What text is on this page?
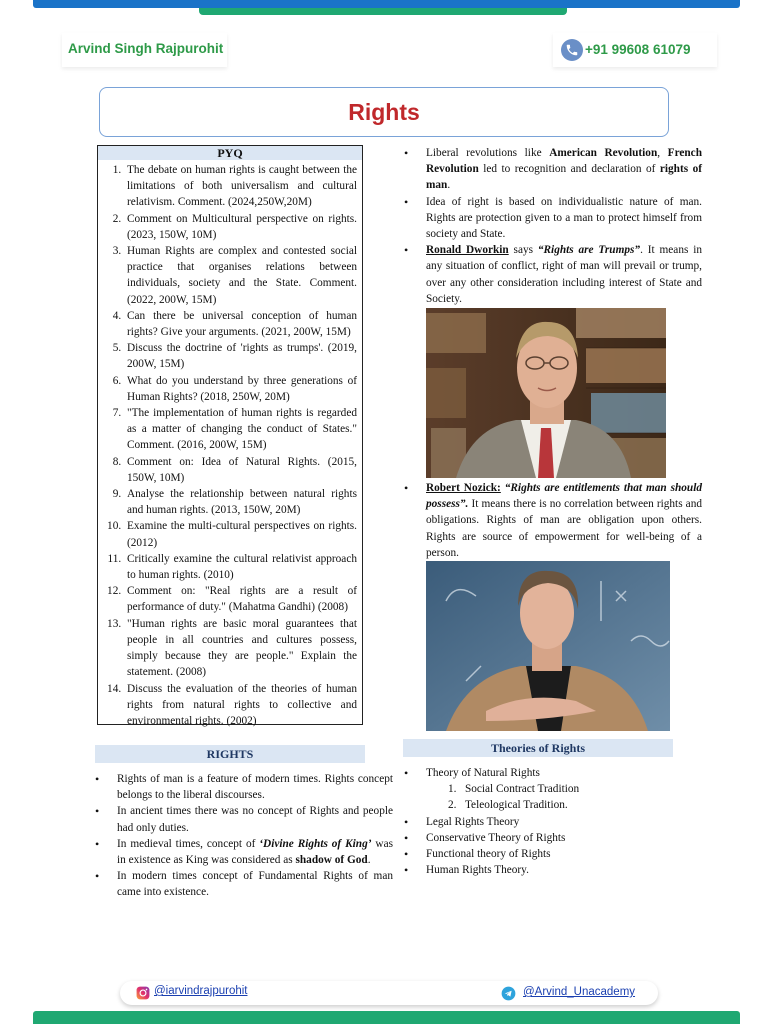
Arvind Singh Rajpurohit	+91 99608 61079
Rights
PYQ
1. The debate on human rights is caught between the limitations of both universalism and cultural relativism. Comment. (2024,250W,20M)
2. Comment on Multicultural perspective on rights. (2023, 150W, 10M)
3. Human Rights are complex and contested social practice that organises relations between individuals, society and the State. Comment. (2022, 200W, 15M)
4. Can there be universal conception of human rights? Give your arguments. (2021, 200W, 15M)
5. Discuss the doctrine of 'rights as trumps'. (2019, 200W, 15M)
6. What do you understand by three generations of Human Rights? (2018, 250W, 20M)
7. "The implementation of human rights is regarded as a matter of changing the conduct of States." Comment. (2016, 200W, 15M)
8. Comment on: Idea of Natural Rights. (2015, 150W, 10M)
9. Analyse the relationship between natural rights and human rights. (2013, 150W, 20M)
10. Examine the multi-cultural perspectives on rights. (2012)
11. Critically examine the cultural relativist approach to human rights. (2010)
12. Comment on: "Real rights are a result of performance of duty." (Mahatma Gandhi) (2008)
13. "Human rights are basic moral guarantees that people in all countries and cultures possess, simply because they are people." Explain the statement. (2008)
14. Discuss the evaluation of the theories of human rights from natural rights to collective and environmental rights. (2002)
RIGHTS
• Rights of man is a feature of modern times. Rights concept belongs to the liberal discourses.
• In ancient times there was no concept of Rights and people had only duties.
• In medieval times, concept of ‘Divine Rights of King’ was in existence as King was considered as shadow of God.
• In modern times concept of Fundamental Rights of man came into existence.
• Liberal revolutions like American Revolution, French Revolution led to recognition and declaration of rights of man.
• Idea of right is based on individualistic nature of man. Rights are protection given to a man to protect himself from society and State.
• Ronald Dworkin says “Rights are Trumps”. It means in any situation of conflict, right of man will prevail or trump, over any other consideration including interest of State and Society.
• Robert Nozick: “Rights are entitlements that man should possess”. It means there is no correlation between rights and obligations. Rights of man are obligation upon others. Rights are source of empowerment for well-being of a person.
Theories of Rights
• Theory of Natural Rights
1.   Social Contract Tradition
2.   Teleological Tradition.
• Legal Rights Theory
• Conservative Theory of Rights
• Functional theory of Rights
• Human Rights Theory.
@iarvindrajpurohit	@Arvind_Unacademy
